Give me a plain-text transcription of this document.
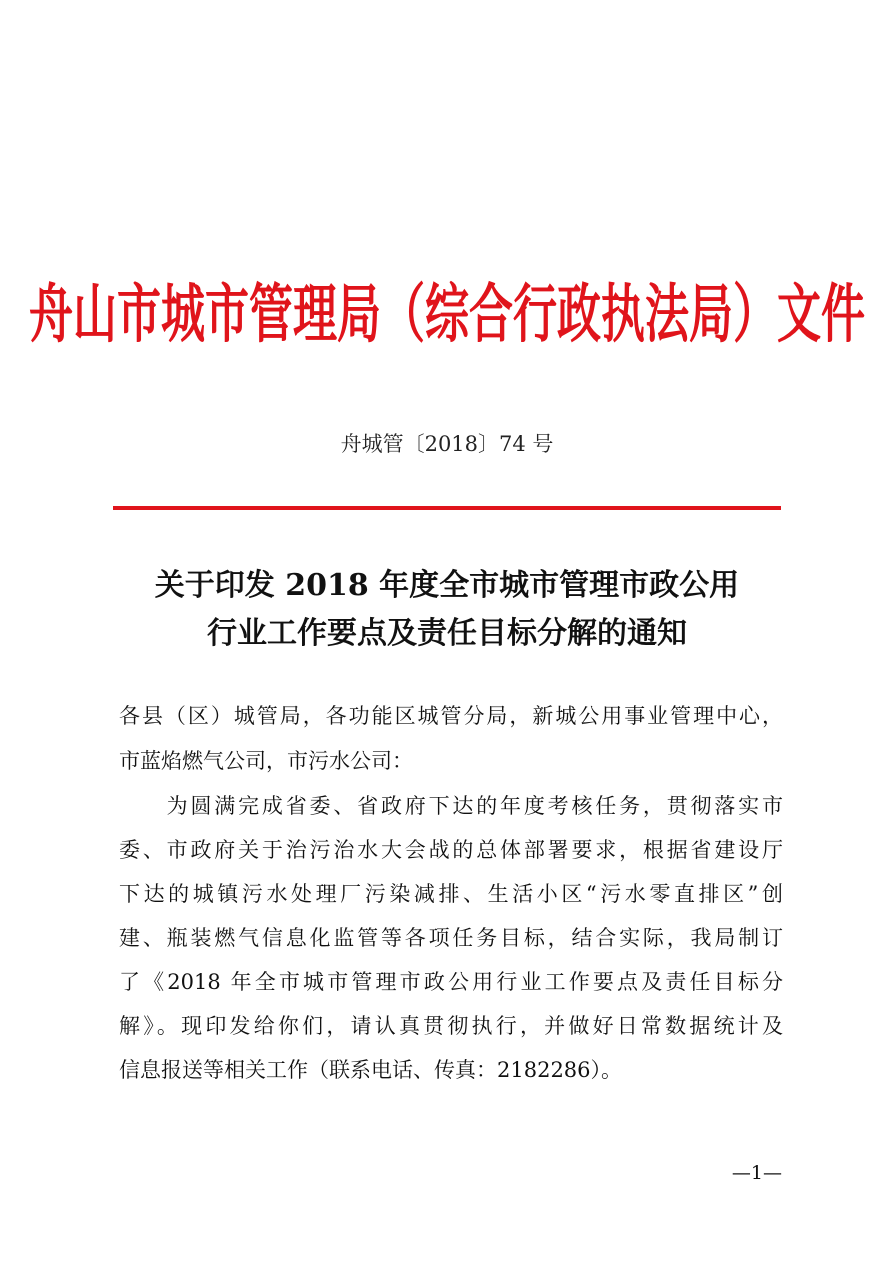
舟山市城市管理局（综合行政执法局）文件
舟城管〔2018〕74 号
关于印发 2018 年度全市城市管理市政公用
行业工作要点及责任目标分解的通知
各县（区）城管局，各功能区城管分局，新城公用事业管理中心，
市蓝焰燃气公司，市污水公司：
　　为圆满完成省委、省政府下达的年度考核任务，贯彻落实市
委、市政府关于治污治水大会战的总体部署要求，根据省建设厅
下达的城镇污水处理厂污染减排、生活小区“污水零直排区”创
建、瓶装燃气信息化监管等各项任务目标，结合实际，我局制订
了《2018 年全市城市管理市政公用行业工作要点及责任目标分
解》。现印发给你们，请认真贯彻执行，并做好日常数据统计及
信息报送等相关工作（联系电话、传真：2182286）。
—1—
